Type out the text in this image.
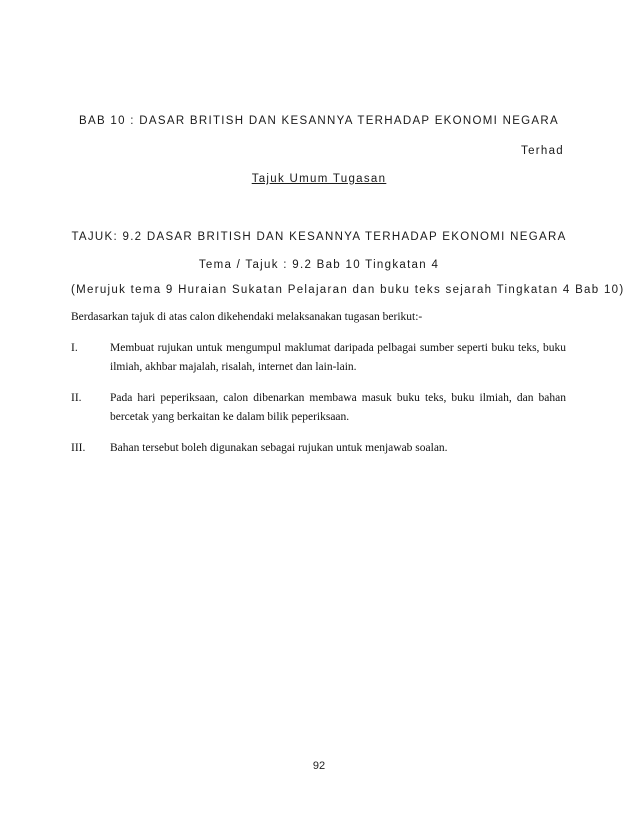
BAB 10 : DASAR BRITISH DAN KESANNYA TERHADAP EKONOMI NEGARA
Terhad
Tajuk Umum Tugasan
TAJUK: 9.2 DASAR BRITISH DAN KESANNYA TERHADAP EKONOMI NEGARA
Tema / Tajuk : 9.2 Bab 10 Tingkatan 4
(Merujuk tema 9 Huraian Sukatan Pelajaran dan buku teks sejarah Tingkatan 4 Bab 10)
Berdasarkan tajuk di atas calon dikehendaki melaksanakan tugasan berikut:-
I.	Membuat rujukan untuk mengumpul maklumat daripada pelbagai sumber seperti buku teks, buku ilmiah, akhbar majalah, risalah, internet dan lain-lain.
II.	Pada hari peperiksaan, calon dibenarkan membawa masuk buku teks, buku ilmiah, dan bahan bercetak yang berkaitan ke dalam bilik peperiksaan.
III.	Bahan tersebut boleh digunakan sebagai rujukan untuk menjawab soalan.
92
